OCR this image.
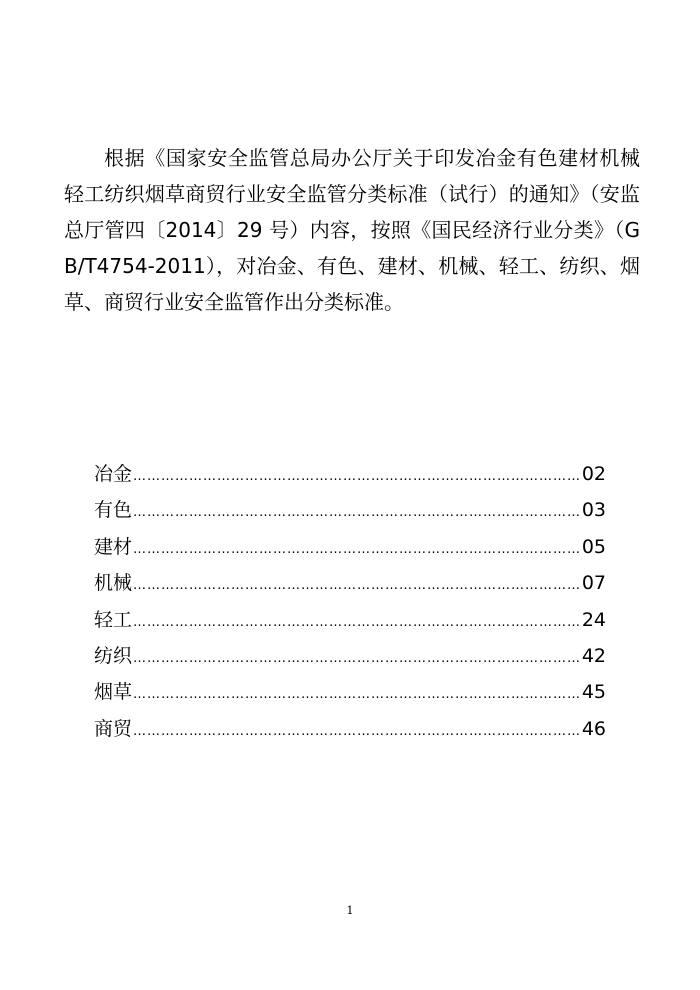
根据《国家安全监管总局办公厅关于印发冶金有色建材机械轻工纺织烟草商贸行业安全监管分类标准（试行）的通知》（安监总厅管四〔2014〕29 号）内容，按照《国民经济行业分类》（GB/T4754-2011），对冶金、有色、建材、机械、轻工、纺织、烟草、商贸行业安全监管作出分类标准。

冶金 ………………………………………………………………………………………………………………………………………………………………	02
有色 ………………………………………………………………………………………………………………………………………………………………	03
建材 ………………………………………………………………………………………………………………………………………………………………	05
机械 ………………………………………………………………………………………………………………………………………………………………	07
轻工 ………………………………………………………………………………………………………………………………………………………………	24
纺织 ………………………………………………………………………………………………………………………………………………………………	42
烟草 ………………………………………………………………………………………………………………………………………………………………	45
商贸 ………………………………………………………………………………………………………………………………………………………………	46
1
